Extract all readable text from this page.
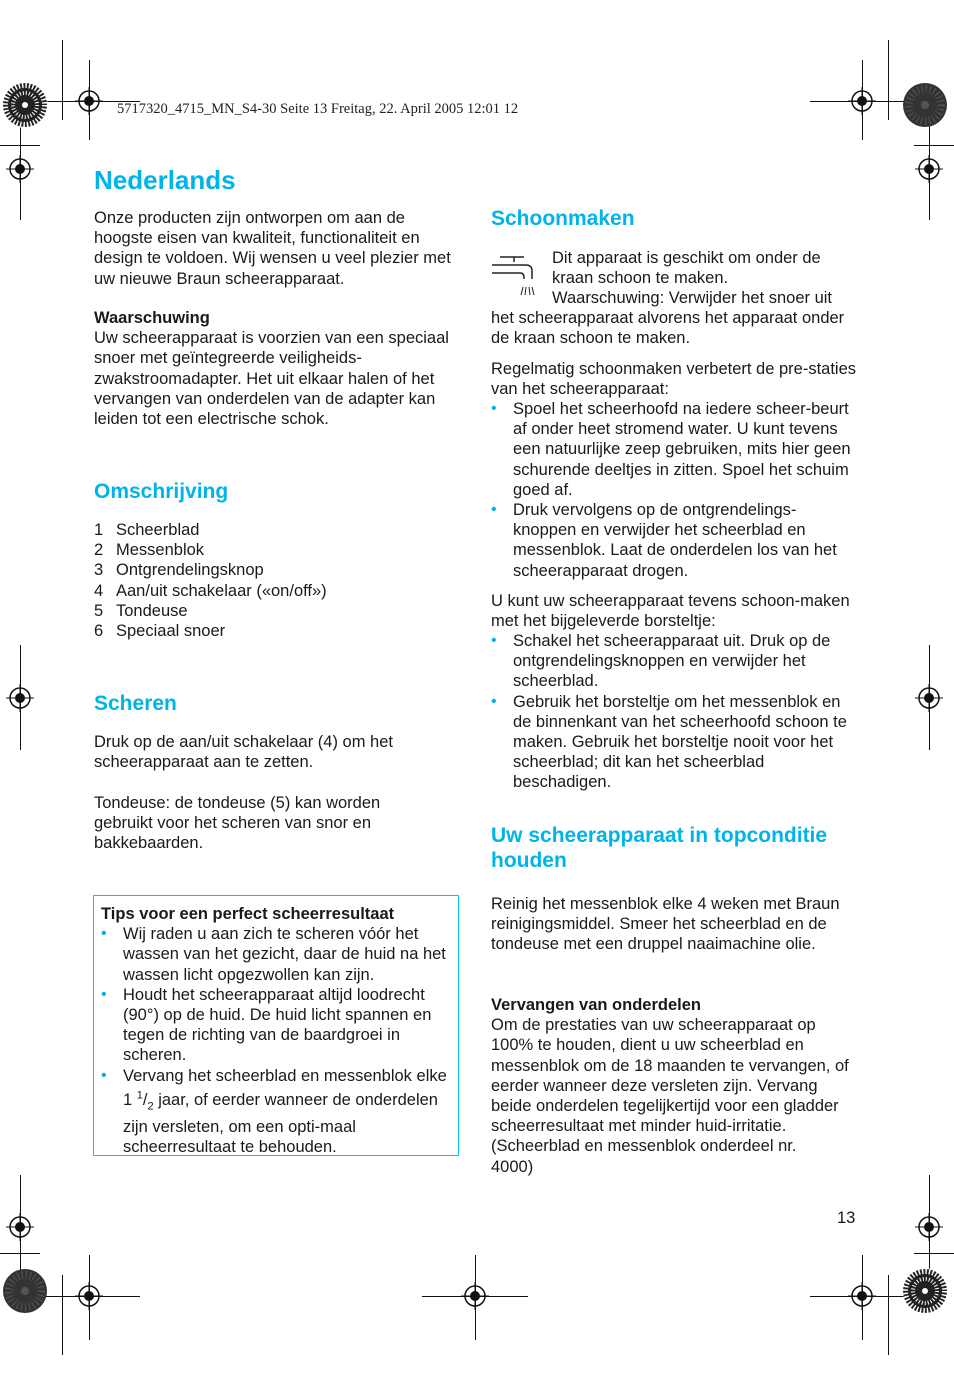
5717320_4715_MN_S4-30 Seite 13 Freitag, 22. April 2005 12:01 12
Nederlands
Onze producten zijn ontworpen om aan de hoogste eisen van kwaliteit, functionaliteit en design te voldoen. Wij wensen u veel plezier met uw nieuwe Braun scheerapparaat.
Waarschuwing
Uw scheerapparaat is voorzien van een speciaal snoer met geïntegreerde veiligheids-zwakstroomadapter. Het uit elkaar halen of het vervangen van onderdelen van de adapter kan leiden tot een electrische schok.
Omschrijving
1 Scheerblad
2 Messenblok
3 Ontgrendelingsknop
4 Aan/uit schakelaar («on/off»)
5 Tondeuse
6 Speciaal snoer
Scheren
Druk op de aan/uit schakelaar (4) om het scheerapparaat aan te zetten.
Tondeuse: de tondeuse (5) kan worden gebruikt voor het scheren van snor en bakkebaarden.
Tips voor een perfect scheerresultaat
• Wij raden u aan zich te scheren vóór het wassen van het gezicht, daar de huid na het wassen licht opgezwollen kan zijn.
• Houdt het scheerapparaat altijd loodrecht (90°) op de huid. De huid licht spannen en tegen de richting van de baardgroei in scheren.
• Vervang het scheerblad en messenblok elke 1 $^1/_2$ jaar, of eerder wanneer de onderdelen zijn versleten, om een opti-maal scheerresultaat te behouden.
Schoonmaken
Dit apparaat is geschikt om onder de kraan schoon te maken.
Waarschuwing: Verwijder het snoer uit
het scheerapparaat alvorens het apparaat onder de kraan schoon te maken.
Regelmatig schoonmaken verbetert de pre-staties van het scheerapparaat:
• Spoel het scheerhoofd na iedere scheer-beurt af onder heet stromend water. U kunt tevens een natuurlijke zeep gebruiken, mits hier geen schurende deeltjes in zitten. Spoel het schuim goed af.
• Druk vervolgens op de ontgrendelings-knoppen en verwijder het scheerblad en messenblok. Laat de onderdelen los van het scheerapparaat drogen.
U kunt uw scheerapparaat tevens schoon-maken met het bijgeleverde borsteltje:
• Schakel het scheerapparaat uit. Druk op de ontgrendelingsknoppen en verwijder het scheerblad.
• Gebruik het borsteltje om het messenblok en de binnenkant van het scheerhoofd schoon te maken. Gebruik het borsteltje nooit voor het scheerblad; dit kan het scheerblad beschadigen.
Uw scheerapparaat in topconditie houden
Reinig het messenblok elke 4 weken met Braun reinigingsmiddel. Smeer het scheerblad en de tondeuse met een druppel naaimachine olie.
Vervangen van onderdelen
Om de prestaties van uw scheerapparaat op 100% te houden, dient u uw scheerblad en messenblok om de 18 maanden te vervangen, of eerder wanneer deze versleten zijn. Vervang beide onderdelen tegelijkertijd voor een gladder scheerresultaat met minder huid-irritatie.
(Scheerblad en messenblok onderdeel nr. 4000)
13
